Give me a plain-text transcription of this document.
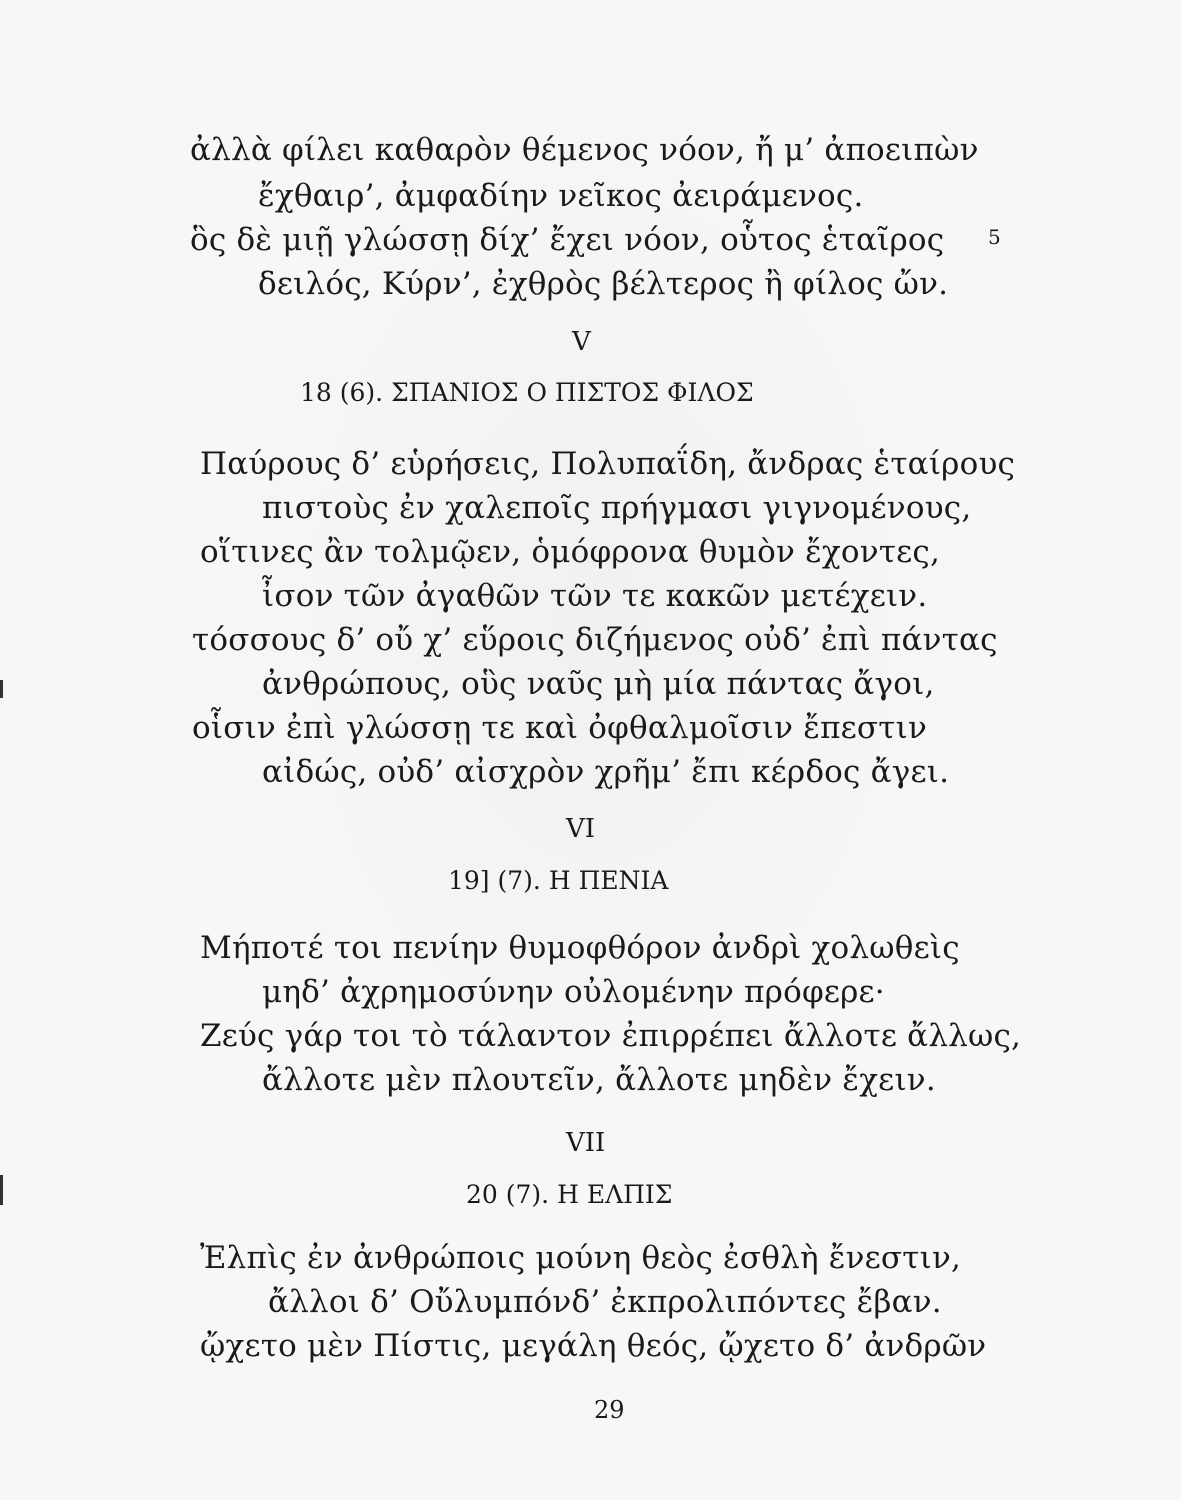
ἀλλὰ φίλει καθαρὸν θέμενος νόον, ἤ μ’ ἀποειπὼν
ἔχθαιρ’, ἀμφαδίην νεῖκος ἀειράμενος.
ὃς δὲ μιῇ γλώσσῃ δίχ’ ἔχει νόον, οὗτος ἑταῖρος
δειλός, Κύρν’, ἐχθρὸς βέλτερος ἢ φίλος ὤν.
5
V
18 (6). ΣΠΑΝΙΟΣ Ο ΠΙΣΤΟΣ ΦΙΛΟΣ
Παύρους δ’ εὑρήσεις, Πολυπαΐδη, ἄνδρας ἑταίρους
πιστοὺς ἐν χαλεποῖς πρήγμασι γιγνομένους,
οἵτινες ἂν τολμῷεν, ὁμόφρονα θυμὸν ἔχοντες,
ἶσον τῶν ἀγαθῶν τῶν τε κακῶν μετέχειν.
τόσσους δ’ οὔ χ’ εὕροις διζήμενος οὐδ’ ἐπὶ πάντας
ἀνθρώπους, οὓς ναῦς μὴ μία πάντας ἄγοι,
οἷσιν ἐπὶ γλώσσῃ τε καὶ ὀφθαλμοῖσιν ἔπεστιν
αἰδώς, οὐδ’ αἰσχρὸν χρῆμ’ ἔπι κέρδος ἄγει.
VI
19] (7). Η ΠΕΝΙΑ
Μήποτέ τοι πενίην θυμοφθόρον ἀνδρὶ χολωθεὶς
μηδ’ ἀχρημοσύνην οὐλομένην πρόφερε·
Ζεύς γάρ τοι τὸ τάλαντον ἐπιρρέπει ἄλλοτε ἄλλως,
ἄλλοτε μὲν πλουτεῖν, ἄλλοτε μηδὲν ἔχειν.
VII
20 (7). Η ΕΛΠΙΣ
Ἐλπὶς ἐν ἀνθρώποις μούνη θεὸς ἐσθλὴ ἔνεστιν,
ἄλλοι δ’ Οὔλυμπόνδ’ ἐκπρολιπόντες ἔβαν.
ᾤχετο μὲν Πίστις, μεγάλη θεός, ᾤχετο δ’ ἀνδρῶν
29
